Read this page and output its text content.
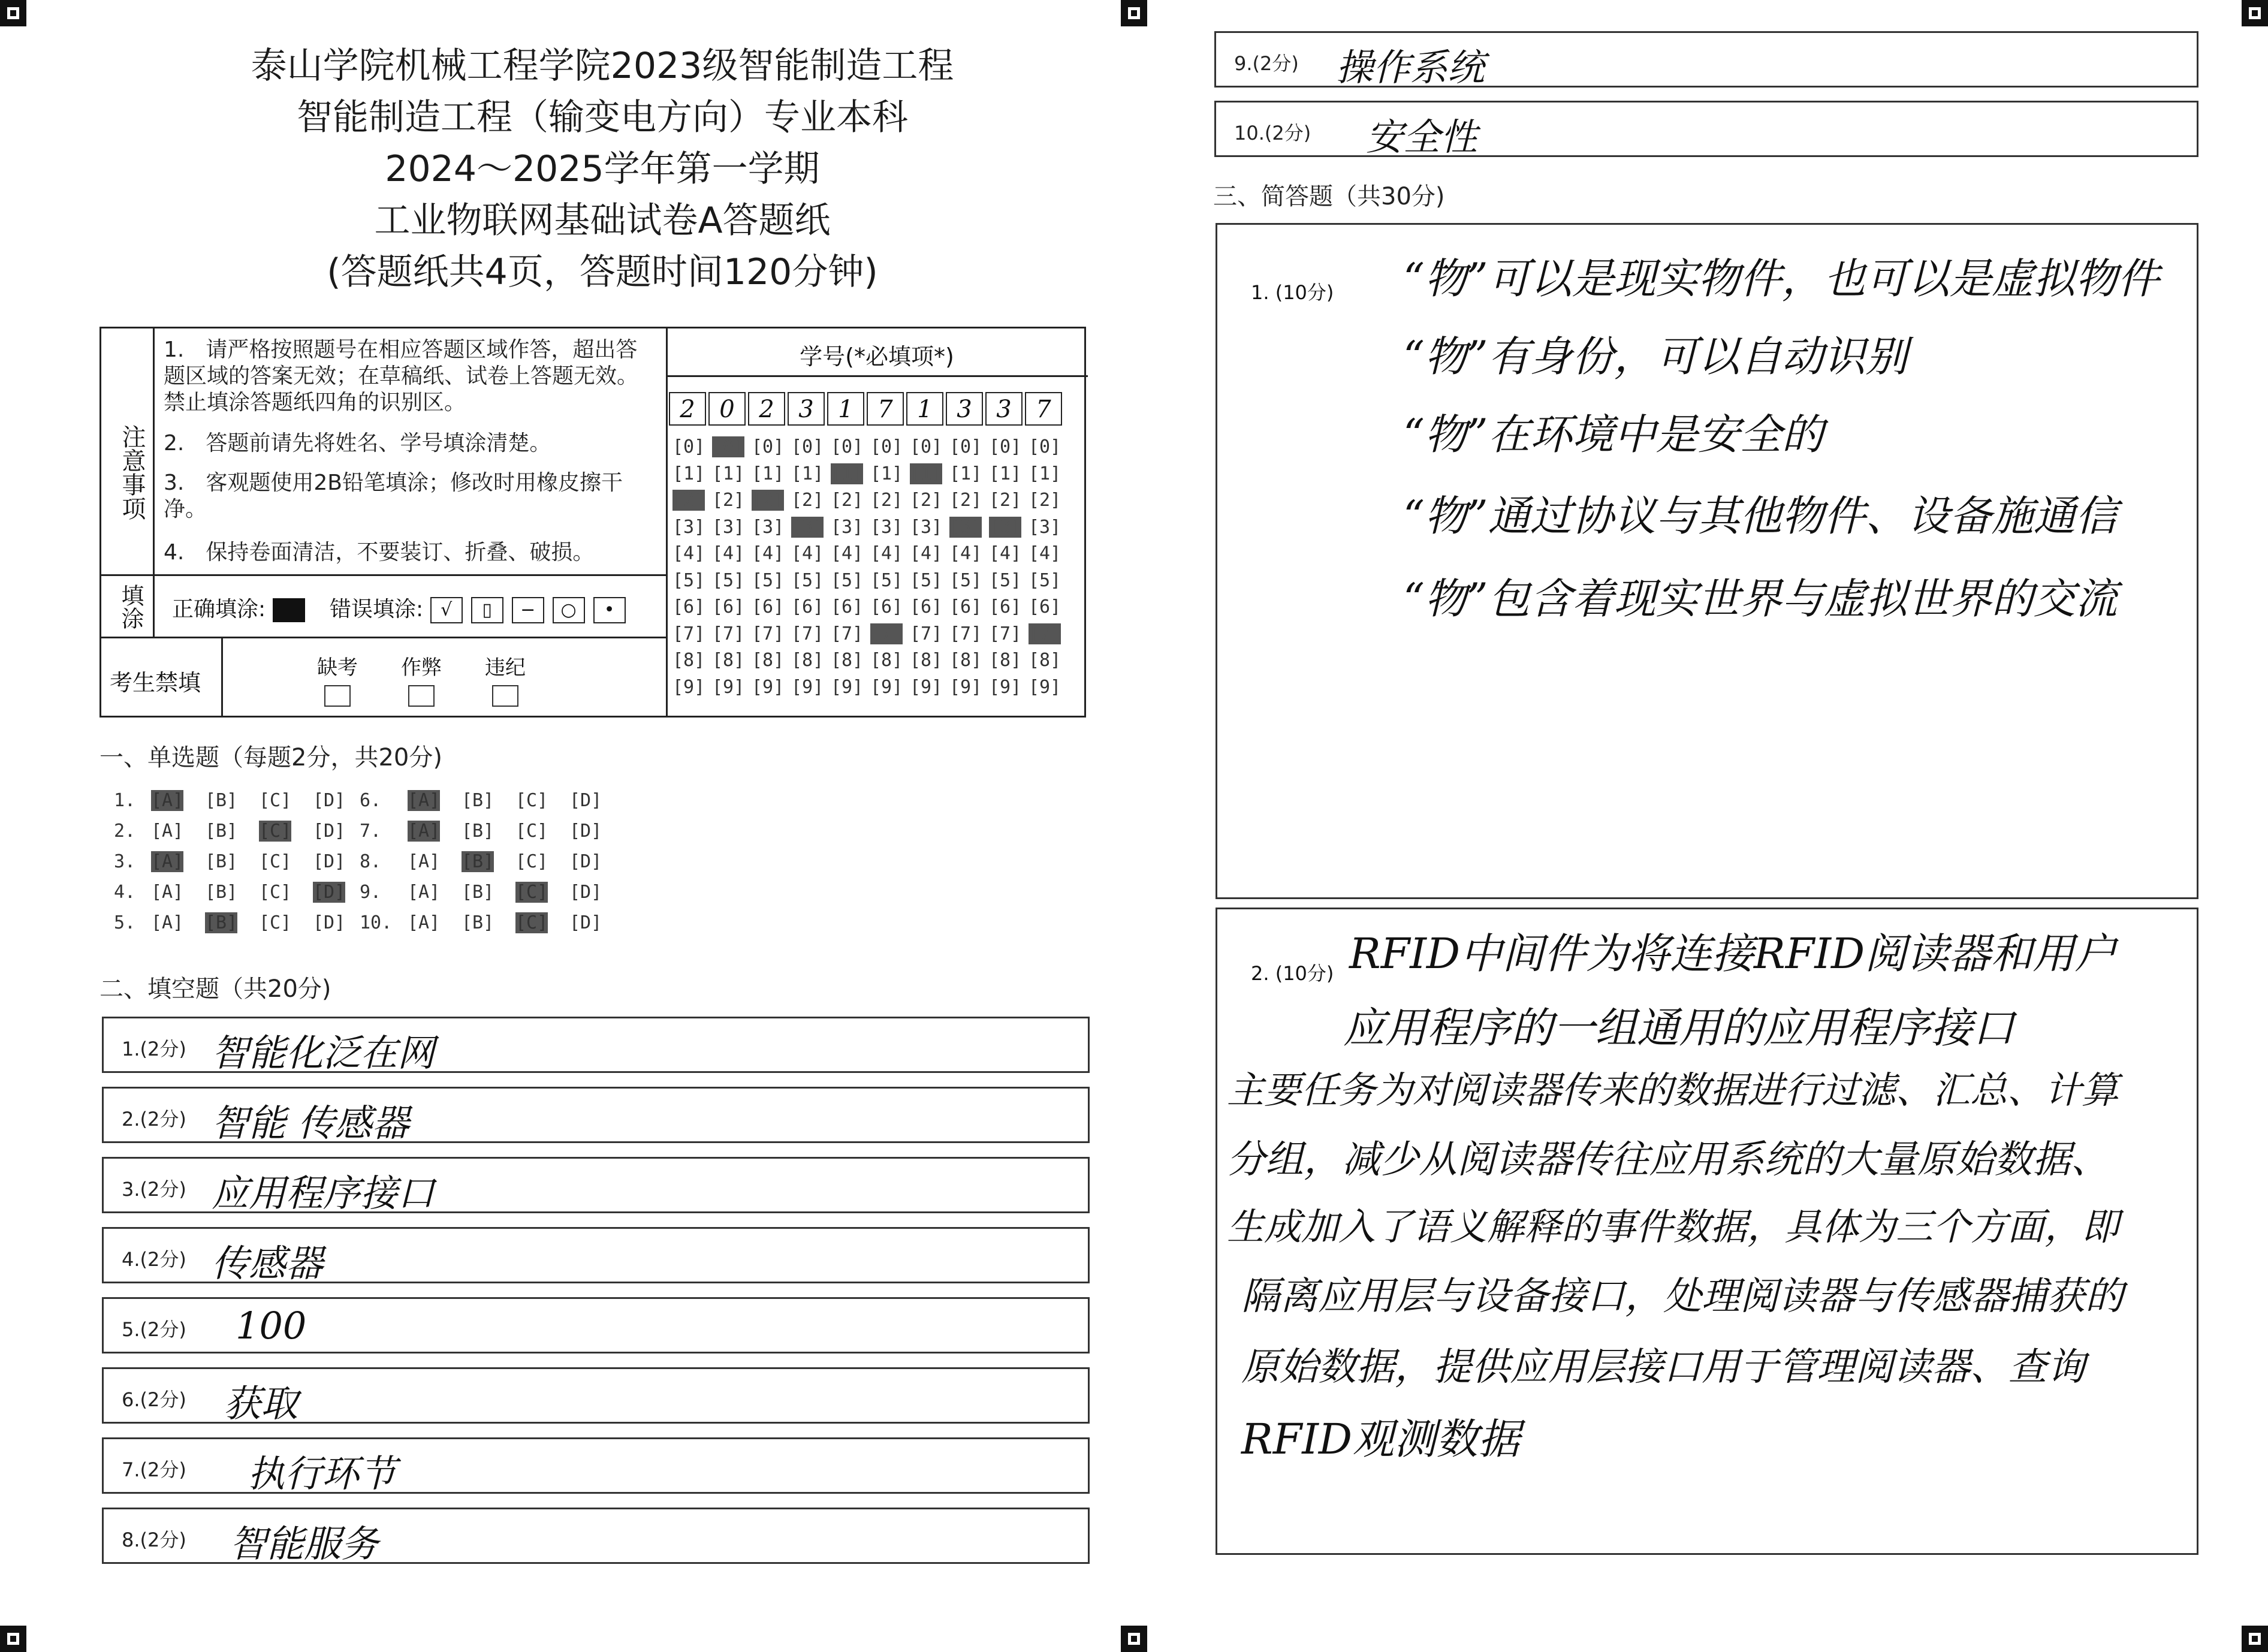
泰山学院机械工程学院2023级智能制造工程
智能制造工程（输变电方向）专业本科
2024～2025学年第一学期
工业物联网基础试卷A答题纸
(答题纸共4页，答题时间120分钟)
注意事项
1.　请严格按照题号在相应答题区域作答，超出答题区域的答案无效；在草稿纸、试卷上答题无效。禁止填涂答题纸四角的识别区。
2.　答题前请先将姓名、学号填涂清楚。
3.　客观题使用2B铅笔填涂；修改时用橡皮擦干净。
4.　保持卷面清洁，不要装订、折叠、破损。
填涂 正确填涂:	错误填涂: √ ▯ − ○ •
考生禁填
缺考 作弊 违纪
学号(*必填项*)
2
[0]
[1]
[2]
[3]
[4]
[5]
[6]
[7]
[8]
[9]
0
[0]
[1]
[2]
[3]
[4]
[5]
[6]
[7]
[8]
[9]
2
[0]
[1]
[2]
[3]
[4]
[5]
[6]
[7]
[8]
[9]
3
[0]
[1]
[2]
[3]
[4]
[5]
[6]
[7]
[8]
[9]
1
[0]
[1]
[2]
[3]
[4]
[5]
[6]
[7]
[8]
[9]
7
[0]
[1]
[2]
[3]
[4]
[5]
[6]
[7]
[8]
[9]
1
[0]
[1]
[2]
[3]
[4]
[5]
[6]
[7]
[8]
[9]
3
[0]
[1]
[2]
[3]
[4]
[5]
[6]
[7]
[8]
[9]
3
[0]
[1]
[2]
[3]
[4]
[5]
[6]
[7]
[8]
[9]
7
[0]
[1]
[2]
[3]
[4]
[5]
[6]
[7]
[8]
[9]
一、单选题（每题2分，共20分)
1. [A] [B] [C] [D]
2. [A] [B] [C] [D]
3. [A] [B] [C] [D]
4. [A] [B] [C] [D]
5. [A] [B] [C] [D]
6. [A] [B] [C] [D]
7. [A] [B] [C] [D]
8. [A] [B] [C] [D]
9. [A] [B] [C] [D]
10. [A] [B] [C] [D]
二、填空题（共20分)
1.(2分) 智能化泛在网
2.(2分) 智能 传感器
3.(2分) 应用程序接口
4.(2分) 传感器
5.(2分) 100
6.(2分) 获取
7.(2分) 执行环节
8.(2分) 智能服务
9.(2分) 操作系统
10.(2分) 安全性
三、简答题（共30分)
1. (10分) “物”可以是现实物件，也可以是虚拟物件
“物”有身份，可以自动识别
“物”在环境中是安全的
“物”通过协议与其他物件、设备施通信
“物”包含着现实世界与虚拟世界的交流
2. (10分) RFID中间件为将连接RFID阅读器和用户
应用程序的一组通用的应用程序接口
主要任务为对阅读器传来的数据进行过滤、汇总、计算
分组，减少从阅读器传往应用系统的大量原始数据、
生成加入了语义解释的事件数据，具体为三个方面，即
隔离应用层与设备接口，处理阅读器与传感器捕获的
原始数据，提供应用层接口用于管理阅读器、查询
RFID观测数据
